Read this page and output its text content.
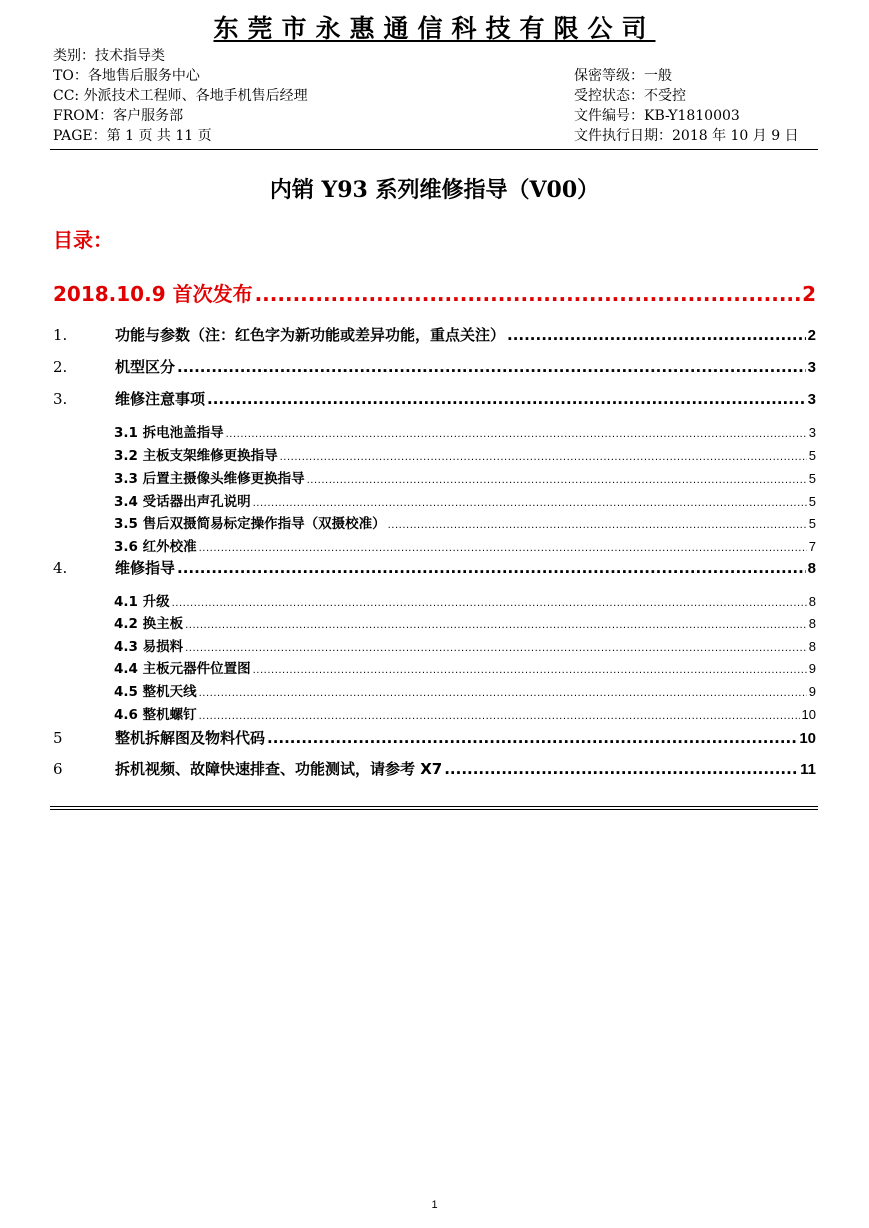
东莞市永惠通信科技有限公司
类别：技术指导类
TO：各地售后服务中心
CC: 外派技术工程师、各地手机售后经理
FROM：客户服务部
PAGE：第 1 页 共 11 页
保密等级：一般
受控状态：不受控
文件编号：KB-Y1810003
文件执行日期：2018 年 10 月 9 日
内销 Y93 系列维修指导（V00）
目录：
2018.10.9 首次发布 .....	2
1.	功能与参数（注：红色字为新功能或差异功能，重点关注） .....	2
2.	机型区分 .....	3
3.	维修注意事项 .....	3
3.1 拆电池盖指导 .....	3
3.2 主板支架维修更换指导 .....	5
3.3 后置主摄像头维修更换指导 .....	5
3.4 受话器出声孔说明 .....	5
3.5 售后双摄简易标定操作指导（双摄校准） .....	5
3.6 红外校准 .....	7
4.	维修指导 .....	8
4.1 升级 .....	8
4.2 换主板 .....	8
4.3 易损料 .....	8
4.4 主板元器件位置图 .....	9
4.5 整机天线 .....	9
4.6 整机螺钉 .....	10
5	整机拆解图及物料代码 .....	10
6	拆机视频、故障快速排查、功能测试，请参考 X7 .....	11
1
